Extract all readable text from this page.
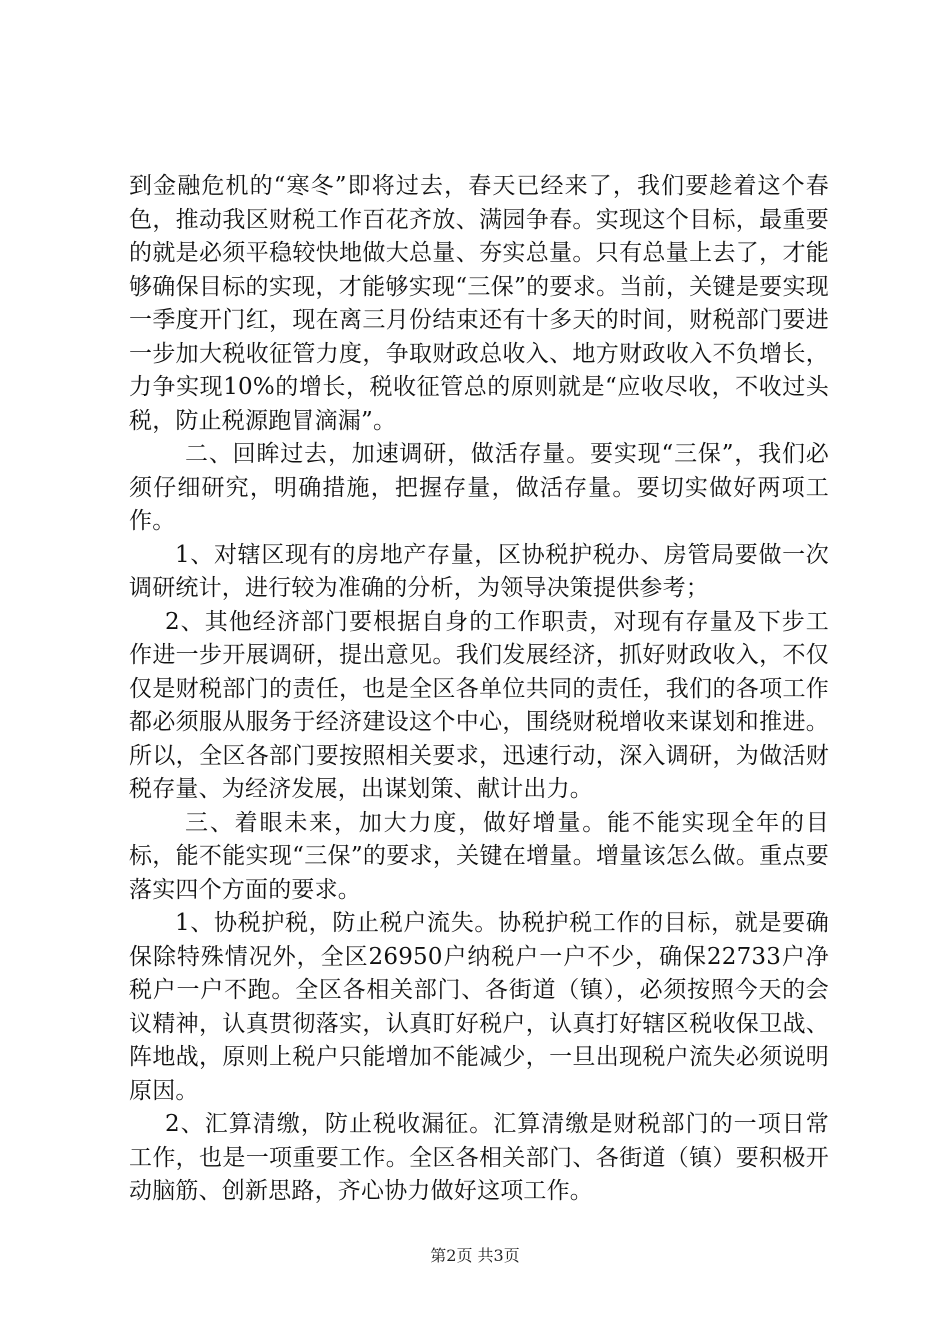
到金融危机的“寒冬”即将过去，春天已经来了，我们要趁着这个春色，推动我区财税工作百花齐放、满园争春。实现这个目标，最重要的就是必须平稳较快地做大总量、夯实总量。只有总量上去了，才能够确保目标的实现，才能够实现“三保”的要求。当前，关键是要实现一季度开门红，现在离三月份结束还有十多天的时间，财税部门要进一步加大税收征管力度，争取财政总收入、地方财政收入不负增长，力争实现10%的增长，税收征管总的原则就是“应收尽收，不收过头税，防止税源跑冒滴漏”。

二、回眸过去，加速调研，做活存量。要实现“三保”，我们必须仔细研究，明确措施，把握存量，做活存量。要切实做好两项工作。

1、对辖区现有的房地产存量，区协税护税办、房管局要做一次调研统计，进行较为准确的分析，为领导决策提供参考；

2、其他经济部门要根据自身的工作职责，对现有存量及下步工作进一步开展调研，提出意见。我们发展经济，抓好财政收入，不仅仅是财税部门的责任，也是全区各单位共同的责任，我们的各项工作都必须服从服务于经济建设这个中心，围绕财税增收来谋划和推进。所以，全区各部门要按照相关要求，迅速行动，深入调研，为做活财税存量、为经济发展，出谋划策、献计出力。

三、着眼未来，加大力度，做好增量。能不能实现全年的目标，能不能实现“三保”的要求，关键在增量。增量该怎么做。重点要落实四个方面的要求。

1、协税护税，防止税户流失。协税护税工作的目标，就是要确保除特殊情况外，全区26950户纳税户一户不少，确保22733户净税户一户不跑。全区各相关部门、各街道（镇），必须按照今天的会议精神，认真贯彻落实，认真盯好税户，认真打好辖区税收保卫战、阵地战，原则上税户只能增加不能减少，一旦出现税户流失必须说明原因。

2、汇算清缴，防止税收漏征。汇算清缴是财税部门的一项日常工作，也是一项重要工作。全区各相关部门、各街道（镇）要积极开动脑筋、创新思路，齐心协力做好这项工作。

第2页 共3页
